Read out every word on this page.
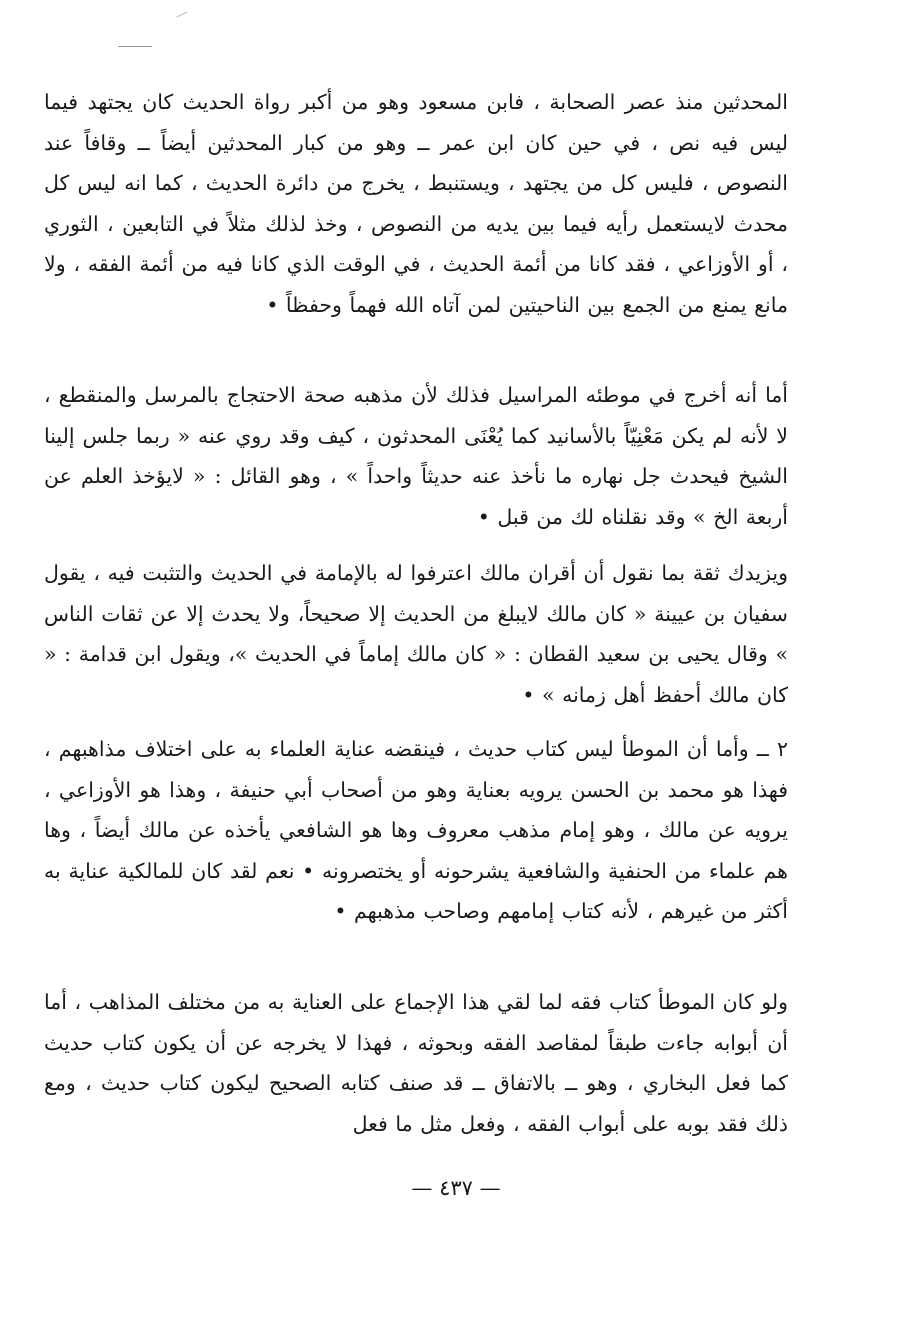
المحدثين منذ عصر الصحابة ، فابن مسعود وهو من أكبر رواة الحديث كان يجتهد فيما ليس فيه نص ، في حين كان ابن عمر ــ وهو من كبار المحدثين أيضاً ــ وقافاً عند النصوص ، فليس كل من يجتهد ، ويستنبط ، يخرج من دائرة الحديث ، كما انه ليس كل محدث لايستعمل رأيه فيما بين يديه من النصوص ، وخذ لذلك مثلاً في التابعين ، الثوري ، أو الأوزاعي ، فقد كانا من أئمة الحديث ، في الوقت الذي كانا فيه من أئمة الفقه ، ولا مانع يمنع من الجمع بين الناحيتين لمن آتاه الله فهماً وحفظاً •

أما أنه أخرج في موطئه المراسيل فذلك لأن مذهبه صحة الاحتجاج بالمرسل والمنقطع ، لا لأنه لم يكن مَعْنِيّاً بالأسانيد كما يُعْنَى المحدثون ، كيف وقد روي عنه « ربما جلس إلينا الشيخ فيحدث جل نهاره ما نأخذ عنه حديثاً واحداً » ، وهو القائل : « لايؤخذ العلم عن أربعة الخ » وقد نقلناه لك من قبل •

ويزيدك ثقة بما نقول أن أقران مالك اعترفوا له بالإمامة في الحديث والتثبت فيه ، يقول سفيان بن عيينة « كان مالك لايبلغ من الحديث إلا صحيحاً، ولا يحدث إلا عن ثقات الناس » وقال يحيى بن سعيد القطان : « كان مالك إماماً في الحديث »، ويقول ابن قدامة : « كان مالك أحفظ أهل زمانه » •

٢ ــ وأما أن الموطأ ليس كتاب حديث ، فينقضه عناية العلماء به على اختلاف مذاهبهم ، فهذا هو محمد بن الحسن يرويه بعناية وهو من أصحاب أبي حنيفة ، وهذا هو الأوزاعي ، يرويه عن مالك ، وهو إمام مذهب معروف وها هو الشافعي يأخذه عن مالك أيضاً ، وها هم علماء من الحنفية والشافعية يشرحونه أو يختصرونه • نعم لقد كان للمالكية عناية به أكثر من غيرهم ، لأنه كتاب إمامهم وصاحب مذهبهم •

ولو كان الموطأ كتاب فقه لما لقي هذا الإجماع على العناية به من مختلف المذاهب ، أما أن أبوابه جاءت طبقاً لمقاصد الفقه وبحوثه ، فهذا لا يخرجه عن أن يكون كتاب حديث كما فعل البخاري ، وهو ــ بالاتفاق ــ قد صنف كتابه الصحيح ليكون كتاب حديث ، ومع ذلك فقد بوبه على أبواب الفقه ، وفعل مثل ما فعل

— ٤٣٧ —
